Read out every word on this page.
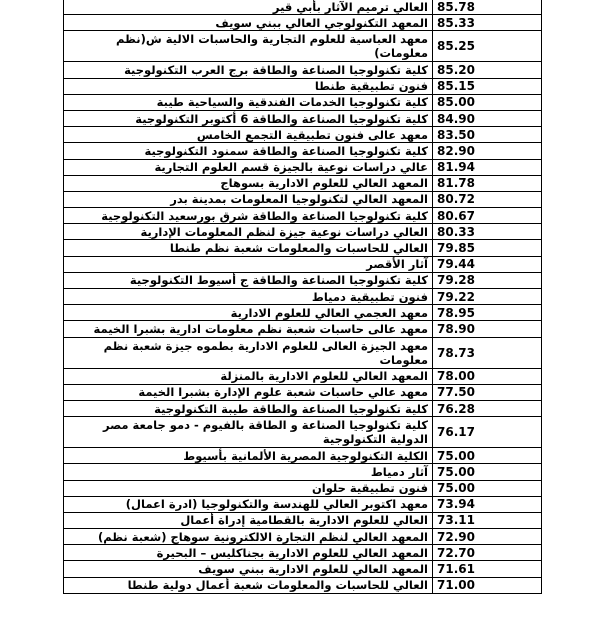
العالي ترميم الآثار بأبي قير	85.78
المعهد التكنولوجي العالي ببني سويف	85.33
معهد العباسية للعلوم التجارية والحاسبات الالية ش(نظم معلومات)	85.25
كلية تكنولوجيا الصناعة والطاقة برج العرب التكنولوجية	85.20
فنون تطبيقية طنطا	85.15
كلية تكنولوجيا الخدمات الفندقية والسياحية طيبة	85.00
كلية تكنولوجيا الصناعة والطاقة 6 أكتوبر التكنولوجية	84.90
معهد عالى فنون تطبيقية التجمع الخامس	83.50
كلية تكنولوجيا الصناعة والطاقة سمنود التكنولوجية	82.90
عالي دراسات نوعية بالجيزة قسم العلوم التجارية	81.94
المعهد العالي للعلوم الادارية بسوهاج	81.78
المعهد العالي لتكنولوجيا المعلومات بمدينة بدر	80.72
كلية تكنولوجيا الصناعة والطاقة شرق بورسعيد التكنولوجية	80.67
العالي دراسات نوعية جيزة لنظم المعلومات الإدارية	80.33
العالي للحاسبات والمعلومات شعبة نظم طنطا	79.85
آثار الأقصر	79.44
كلية تكنولوجيا الصناعة والطاقة ج أسيوط التكنولوجية	79.28
فنون تطبيقية دمياط	79.22
معهد العجمي العالي للعلوم الادارية	78.95
معهد عالى حاسبات شعبة نظم معلومات ادارية بشبرا الخيمة	78.90
معهد الجيزة العالى للعلوم الادارية بطموه جيزة شعبة نظم معلومات	78.73
المعهد العالي للعلوم الادارية بالمنزلة	78.00
معهد عالي حاسبات شعبة علوم الإدارة بشبرا الخيمة	77.50
كلية تكنولوجيا الصناعة والطاقة طيبة التكنولوجية	76.28
كلية تكنولوجيا الصناعة و الطاقة بالفيوم - دمو جامعة مصر الدولية التكنولوجية	76.17
الكلية التكنولوجية المصرية الألمانية بأسيوط	75.00
آثار دمياط	75.00
فنون تطبيقية حلوان	75.00
معهد اكتوبر العالي للهندسة والتكنولوجيا (ادرة اعمال)	73.94
العالي للعلوم الادارية بالقطامية إدراة أعمال	73.11
المعهد العالي لنظم التجارة الالكترونية سوهاج (شعبة نظم)	72.90
المعهد العالي للعلوم الادارية بجناكليس – البحيرة	72.70
المعهد العالي للعلوم الادارية ببني سويف	71.61
العالي للحاسبات والمعلومات شعبة أعمال دولية طنطا	71.00
